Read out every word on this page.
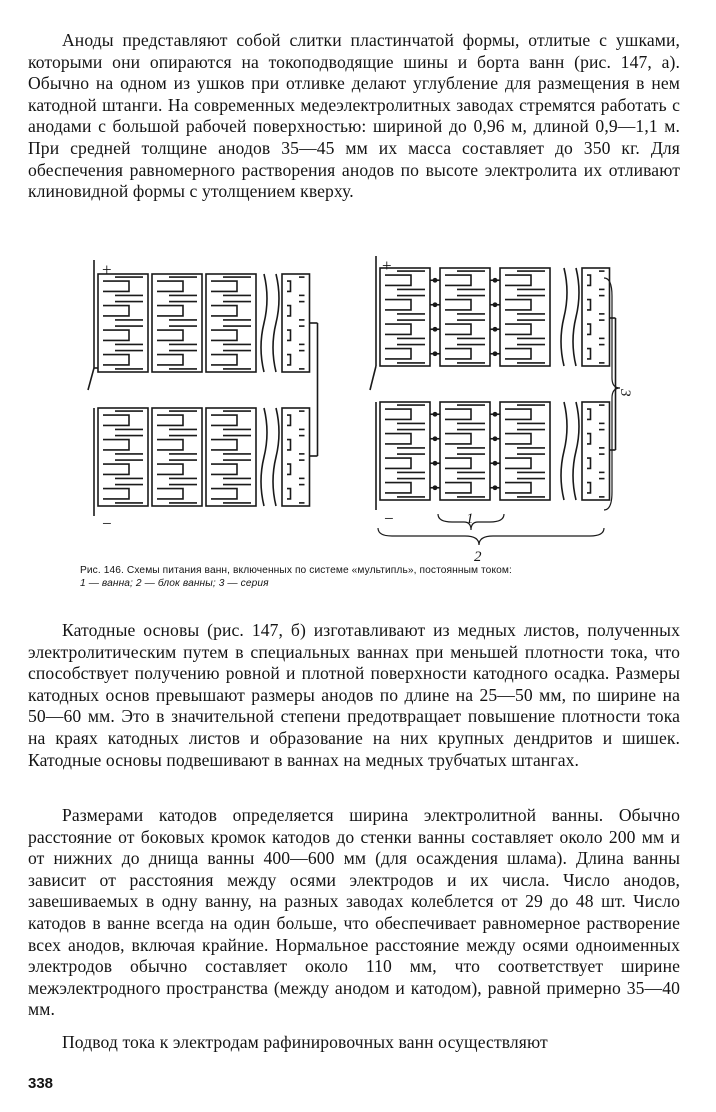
Аноды представляют собой слитки пластинчатой формы, отлитые с ушками, которыми они опираются на токоподводящие шины и борта ванн (рис. 147, а). Обычно на одном из ушков при отливке делают углубление для размещения в нем катодной штанги. На современных медеэлектролитных заводах стремятся работать с анодами с большой рабочей поверхностью: шириной до 0,96 м, длиной 0,9—1,1 м. При средней толщине анодов 35—45 мм их масса составляет до 350 кг. Для обеспечения равномерного растворения анодов по высоте электролита их отливают клиновидной формы с утолщением кверху.

+
−
+
−	1
2
3

Рис. 146. Схемы питания ванн, включенных по системе «мультипль», постоянным током:
1 — ванна; 2 — блок ванны; 3 — серия

Катодные основы (рис. 147, б) изготавливают из медных листов, полученных электролитическим путем в специальных ваннах при меньшей плотности тока, что способствует получению ровной и плотной поверхности катодного осадка. Размеры катодных основ превышают размеры анодов по длине на 25—50 мм, по ширине на 50—60 мм. Это в значительной степени предотвращает повышение плотности тока на краях катодных листов и образование на них крупных дендритов и шишек. Катодные основы подвешивают в ваннах на медных трубчатых штангах.

Размерами катодов определяется ширина электролитной ванны. Обычно расстояние от боковых кромок катодов до стенки ванны составляет около 200 мм и от нижних до днища ванны 400—600 мм (для осаждения шлама). Длина ванны зависит от расстояния между осями электродов и их числа. Число анодов, завешиваемых в одну ванну, на разных заводах колеблется от 29 до 48 шт. Число катодов в ванне всегда на один больше, что обеспечивает равномерное растворение всех анодов, включая крайние. Нормальное расстояние между осями одноименных электродов обычно составляет около 110 мм, что соответствует ширине межэлектродного пространства (между анодом и катодом), равной примерно 35—40 мм.

Подвод тока к электродам рафинировочных ванн осуществляют

338
